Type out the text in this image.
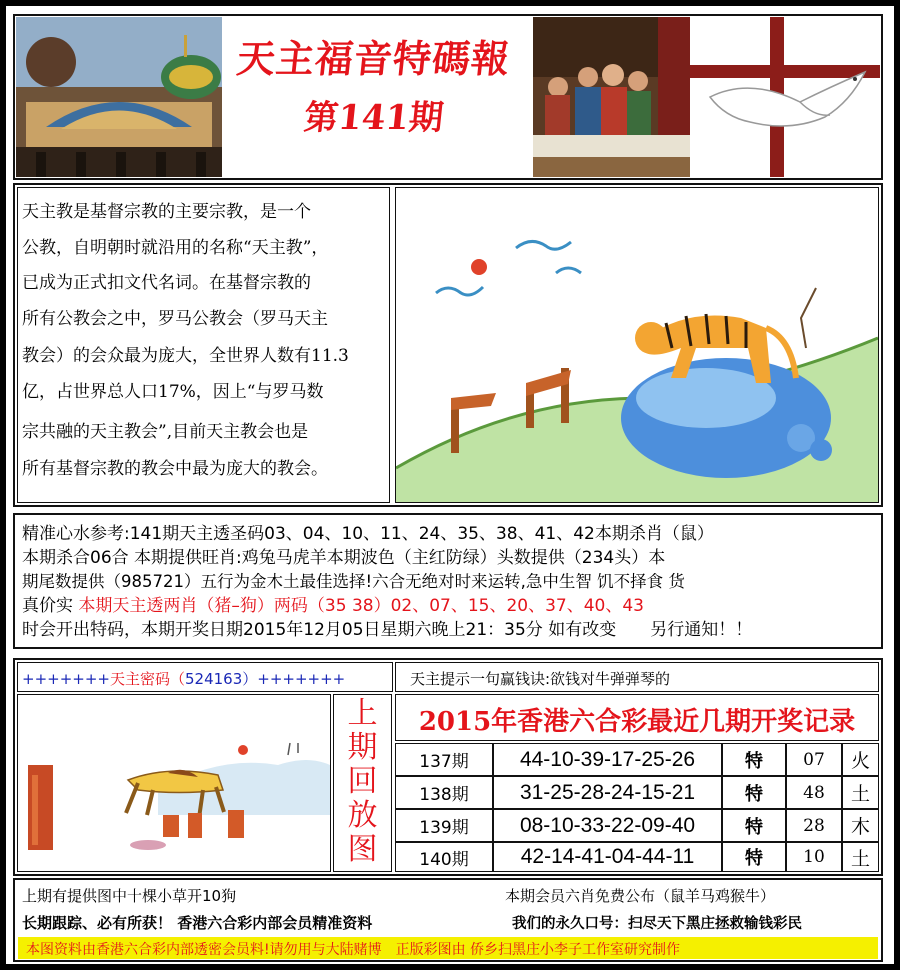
天主福音特碼報
第141期

天主教是基督宗教的主要宗教，是一个

公教，自明朝时就沿用的名称“天主教”，

已成为正式扣文代名词。在基督宗教的

所有公教会之中，罗马公教会（罗马天主

教会）的会众最为庞大，全世界人数有11.3

亿，占世界总人口17%，因上“与罗马数

宗共融的天主教会”,目前天主教会也是

所有基督宗教的教会中最为庞大的教会。

精准心水参考:141期天主透圣码03、04、10、11、24、35、38、41、42本期杀肖（鼠）
本期杀合06合 本期提供旺肖:鸡兔马虎羊本期波色（主红防绿）头数提供（234头）本
期尾数提供（985721）五行为金木土最佳选择!六合无绝对时来运转,急中生智 饥不择食 货
真价实 本期天主透两肖（猪–狗）两码（35 38）02、07、15、20、37、40、43
时会开出特码，本期开奖日期2015年12月05日星期六晚上21：35分 如有改变　　另行通知！！
+++++++天主密码（524163）+++++++	天主提示一句赢钱诀:欲钱对牛弹弹琴的
上
期
回
放
图
2015年香港六合彩最近几期开奖记录
137期	44-10-39-17-25-26	特	07	火
138期	31-25-28-24-15-21	特	48	土
139期	08-10-33-22-09-40	特	28	木
140期	42-14-41-04-44-11	特	10	土
上期有提供图中十棵小草开10狗	本期会员六肖免费公布（鼠羊马鸡猴牛）
长期跟踪、必有所获！ 香港六合彩内部会员精准资料	我们的永久口号：扫尽天下黑庄拯救输钱彩民
本图资料由香港六合彩内部透密会员料!请勿用与大陆赌博　正版彩图由 侨乡扫黑庄小李子工作室研究制作
